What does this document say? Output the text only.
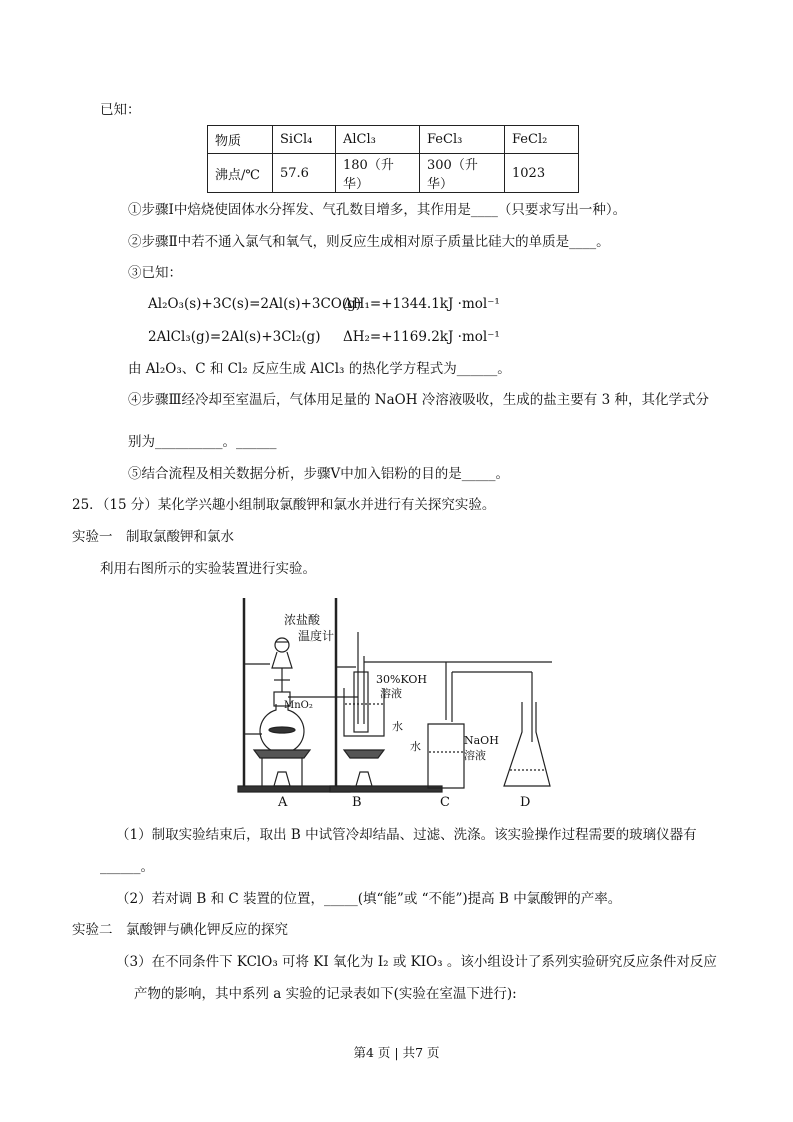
已知：
物质	SiCl₄	AlCl₃	FeCl₃	FeCl₂
沸点/℃	57.6	180（升华）	300（升华）	1023
①步骤Ⅰ中焙烧使固体水分挥发、气孔数目增多，其作用是____（只要求写出一种）。
②步骤Ⅱ中若不通入氯气和氧气，则反应生成相对原子质量比硅大的单质是____。
③已知：
Al₂O₃(s)+3C(s)=2Al(s)+3CO(g)
ΔH₁=+1344.1kJ ·mol⁻¹
2AlCl₃(g)=2Al(s)+3Cl₂(g) ΔH₂=+1169.2kJ ·mol⁻¹
由 Al₂O₃、C 和 Cl₂ 反应生成 AlCl₃ 的热化学方程式为______。
④步骤Ⅲ经冷却至室温后，气体用足量的 NaOH 冷溶液吸收，生成的盐主要有 3 种，其化学式分
别为__________。______
⑤结合流程及相关数据分析，步骤Ⅴ中加入铝粉的目的是_____。
25．（15 分）某化学兴趣小组制取氯酸钾和氯水并进行有关探究实验。
实验一　制取氯酸钾和氯水
利用右图所示的实验装置进行实验。
浓盐酸
温度计
MnO₂
30%KOH
溶液
水
水	NaOH
溶液
A	B	C	D
（1）制取实验结束后，取出 B 中试管冷却结晶、过滤、洗涤。该实验操作过程需要的玻璃仪器有
______。
（2）若对调 B 和 C 装置的位置，_____(填“能”或 “不能”)提高 B 中氯酸钾的产率。
实验二　氯酸钾与碘化钾反应的探究
（3）在不同条件下 KClO₃ 可将 KI 氧化为 I₂ 或 KIO₃ 。该小组设计了系列实验研究反应条件对反应
产物的影响，其中系列 a 实验的记录表如下(实验在室温下进行):
第4 页 | 共7 页
